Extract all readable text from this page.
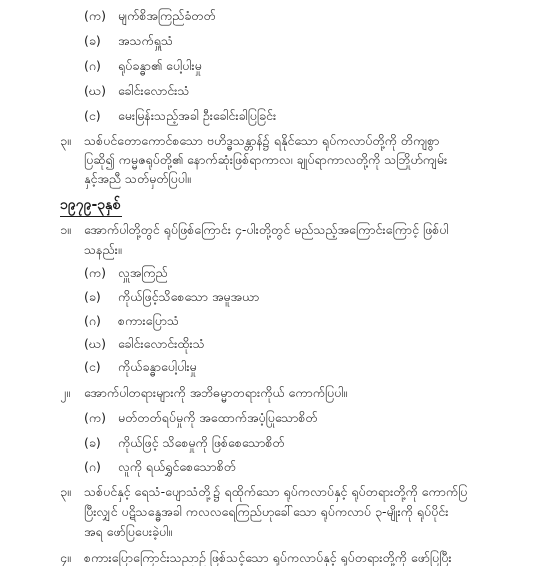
(က) မျက်စိအကြည်ခံတတ်
(ခ) အသက်ရှူသံ
(ဂ) ရုပ်ခန္ဓာ၏ ပေါ့ပါးမှု
(ဃ) ခေါင်းလောင်းသံ
(င) မေးမြန်းသည့်အခါ ဦးခေါင်းခါပြခြင်း
၃။ သစ်ပင်တောကောင်စသော ဗဟိဒ္ဓသန္တာန်၌ ရနိုင်သော ရုပ်ကလာပ်တို့ကို တိကျစွာ
ပြဆို၍ ကမ္မဇရုပ်တို့၏ နောက်ဆုံးဖြစ်ရာကာလ၊ ချုပ်ရာကာလတို့ကို သဘြိုဟ်ကျမ်း
နှင့်အညီ သတ်မှတ်ပြပါ။
၁၉၇၉-၃နှစ်
၁။ အောက်ပါတို့တွင် ရုပ်ဖြစ်ကြောင်း ၄-ပါးတို့တွင် မည်သည့်အကြောင်းကြောင့် ဖြစ်ပါ
သနည်း။
(က) လှူအကြည်
(ခ) ကိုယ်ဖြင့်သိစေသော အမူအယာ
(ဂ) စကားပြောသံ
(ဃ) ခေါင်းလောင်းထိုးသံ
(င) ကိုယ်ခန္ဓာပေါ့ပါးမှု
၂။ အောက်ပါတရားများကို အဘိဓမ္မာတရားကိုယ် ကောက်ပြပါ။
(က) မတ်တတ်ရပ်မှုကို အထောက်အပံ့ပြုသောစိတ်
(ခ) ကိုယ်ဖြင့် သိစေမှုကို ဖြစ်စေသောစိတ်
(ဂ) လူကို ရယ်ရွှင်စေသောစိတ်
၃။ သစ်ပင်နှင့် ရေသံ-ပျောသံတို့၌ ရထိုက်သော ရုပ်ကလာပ်နှင့် ရုပ်တရားတို့ကို ကောက်ပြ
ပြီးလျှင် ပဋိသန္ဓေအခါ ကလလရေကြည်ဟုခေါ်သော ရုပ်ကလာပ် ၃-မျိုးကို ရုပ်ပိုင်း
အရ ဖော်ပြပေးခဲ့ပါ။
၄။ စကားပြောကြောင်းသညာဉ် ဖြစ်သင့်သော ရုပ်ကလာပ်နှင့် ရုပ်တရားတို့ကို ဖော်ပြပြီး
